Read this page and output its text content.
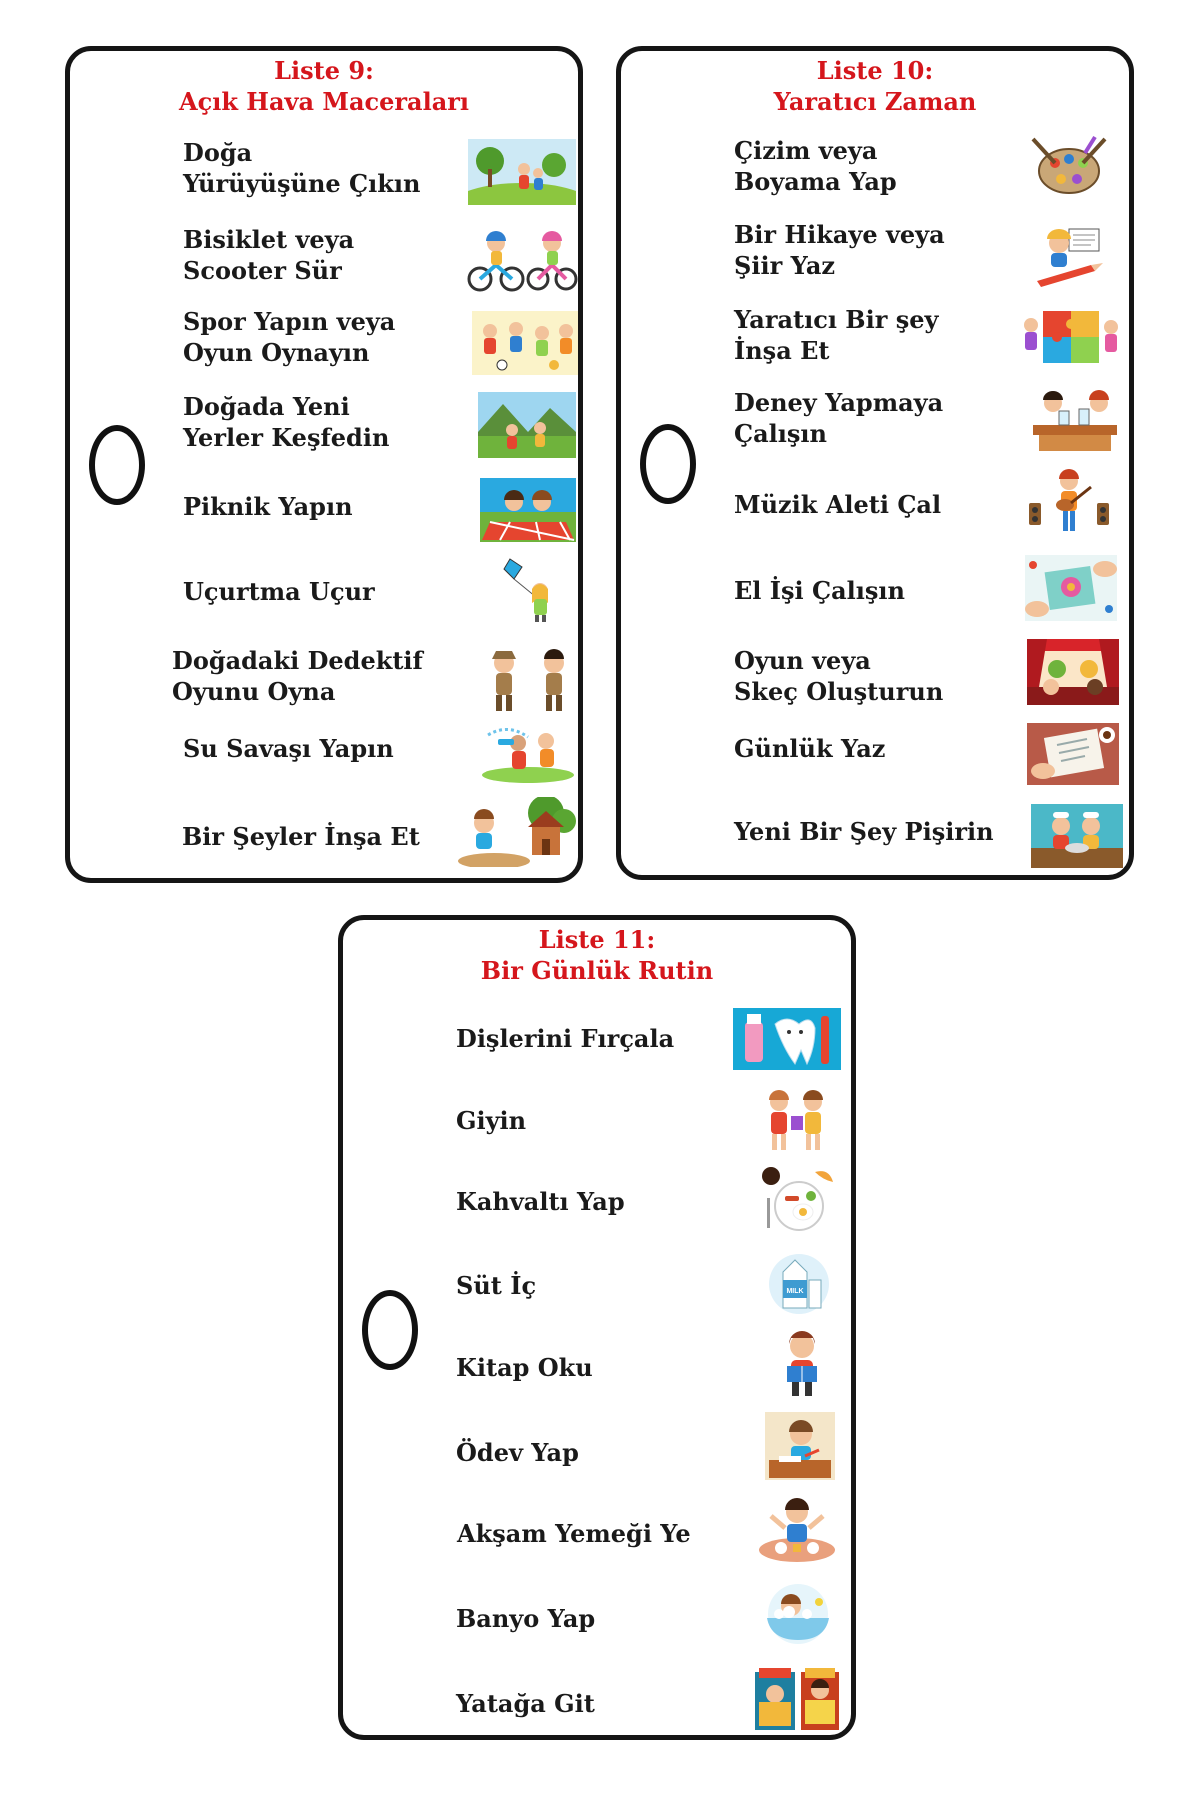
Liste 9:
Açık Hava Maceraları
Doğa
Yürüyüşüne Çıkın
Bisiklet veya
Scooter Sür
Spor Yapın veya
Oyun Oynayın
Doğada Yeni
Yerler Keşfedin
Piknik Yapın
Uçurtma Uçur
Doğadaki Dedektif
Oyunu Oyna
Su Savaşı Yapın
Bir Şeyler İnşa Et
Liste 10:
Yaratıcı Zaman
Çizim veya
Boyama Yap
Bir Hikaye veya
Şiir Yaz
Yaratıcı Bir şey
İnşa Et
Deney Yapmaya
Çalışın
Müzik Aleti Çal
El İşi Çalışın
Oyun veya
Skeç Oluşturun
Günlük Yaz
Yeni Bir Şey Pişirin
Liste 11:
Bir Günlük Rutin
Dişlerini Fırçala
Giyin
Kahvaltı Yap
Süt İç	MILK
Kitap Oku
Ödev Yap
Akşam Yemeği Ye
Banyo Yap
Yatağa Git
